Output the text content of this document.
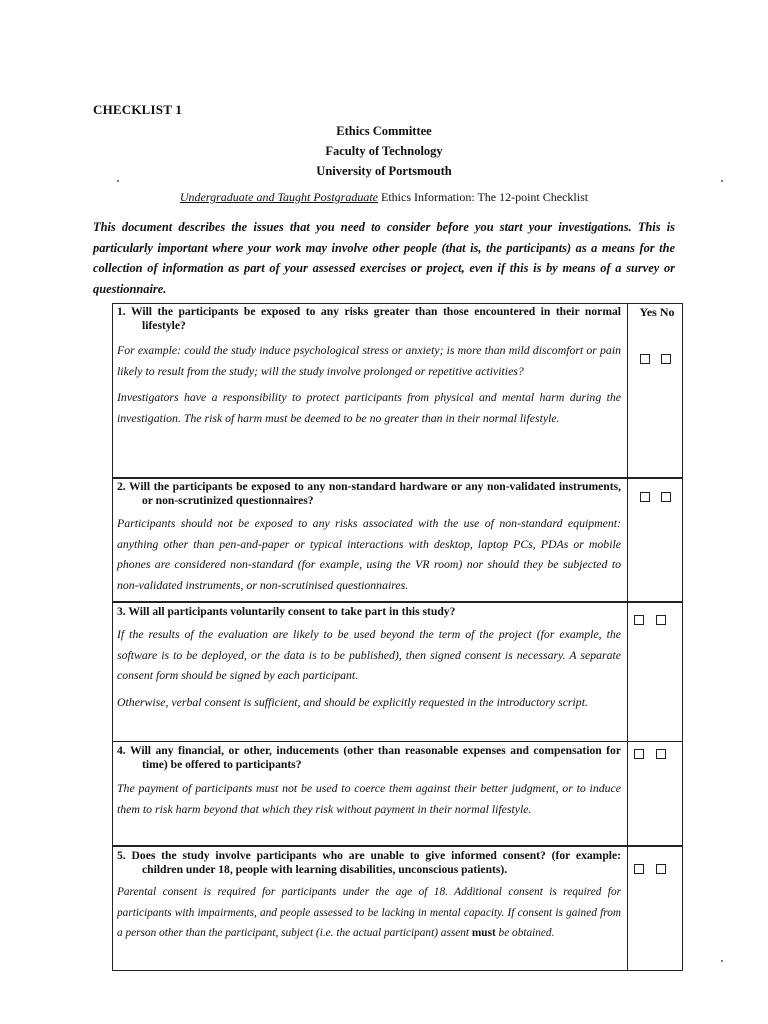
CHECKLIST 1
Ethics Committee
Faculty of Technology
University of Portsmouth
Undergraduate and Taught Postgraduate Ethics Information: The 12-point Checklist
This document describes the issues that you need to consider before you start your investigations. This is particularly important where your work may involve other people (that is, the participants) as a means for the collection of information as part of your assessed exercises or project, even if this is by means of a survey or questionnaire.
Yes No

1. Will the participants be exposed to any risks greater than those encountered in their normal lifestyle?

For example: could the study induce psychological stress or anxiety; is more than mild discomfort or pain likely to result from the study; will the study involve prolonged or repetitive activities?

Investigators have a responsibility to protect participants from physical and mental harm during the investigation. The risk of harm must be deemed to be no greater than in their normal lifestyle.

2. Will the participants be exposed to any non-standard hardware or any non-validated instruments, or non-scrutinized questionnaires?

Participants should not be exposed to any risks associated with the use of non-standard equipment: anything other than pen-and-paper or typical interactions with desktop, laptop PCs, PDAs or mobile phones are considered non-standard (for example, using the VR room) nor should they be subjected to non-validated instruments, or non-scrutinised questionnaires.

3. Will all participants voluntarily consent to take part in this study?

If the results of the evaluation are likely to be used beyond the term of the project (for example, the software is to be deployed, or the data is to be published), then signed consent is necessary. A separate consent form should be signed by each participant.

Otherwise, verbal consent is sufficient, and should be explicitly requested in the introductory script.

4. Will any financial, or other, inducements (other than reasonable expenses and compensation for time) be offered to participants?

The payment of participants must not be used to coerce them against their better judgment, or to induce them to risk harm beyond that which they risk without payment in their normal lifestyle.

5. Does the study involve participants who are unable to give informed consent? (for example: children under 18, people with learning disabilities, unconscious patients).

Parental consent is required for participants under the age of 18. Additional consent is required for participants with impairments, and people assessed to be lacking in mental capacity. If consent is gained from a person other than the participant, subject (i.e. the actual participant) assent must be obtained.
